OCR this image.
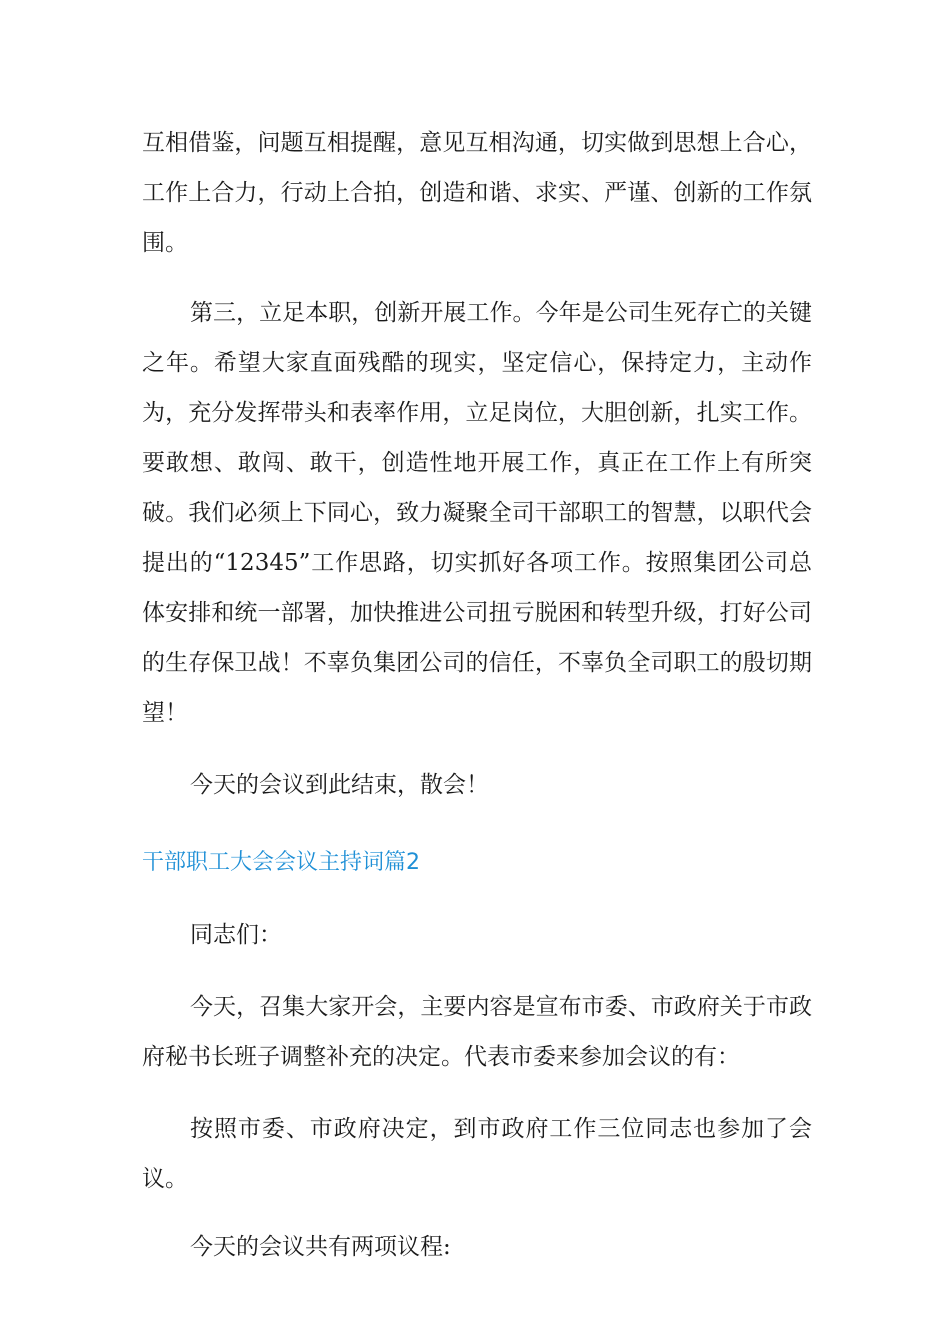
互相借鉴，问题互相提醒，意见互相沟通，切实做到思想上合心，工作上合力，行动上合拍，创造和谐、求实、严谨、创新的工作氛围。

第三，立足本职，创新开展工作。今年是公司生死存亡的关键之年。希望大家直面残酷的现实，坚定信心，保持定力，主动作为，充分发挥带头和表率作用，立足岗位，大胆创新，扎实工作。要敢想、敢闯、敢干，创造性地开展工作，真正在工作上有所突破。我们必须上下同心，致力凝聚全司干部职工的智慧，以职代会提出的“12345”工作思路，切实抓好各项工作。按照集团公司总体安排和统一部署，加快推进公司扭亏脱困和转型升级，打好公司的生存保卫战！不辜负集团公司的信任，不辜负全司职工的殷切期望！

今天的会议到此结束，散会！

干部职工大会会议主持词篇2

同志们：

今天，召集大家开会，主要内容是宣布市委、市政府关于市政府秘书长班子调整补充的决定。代表市委来参加会议的有：

按照市委、市政府决定，到市政府工作三位同志也参加了会议。

今天的会议共有两项议程:
